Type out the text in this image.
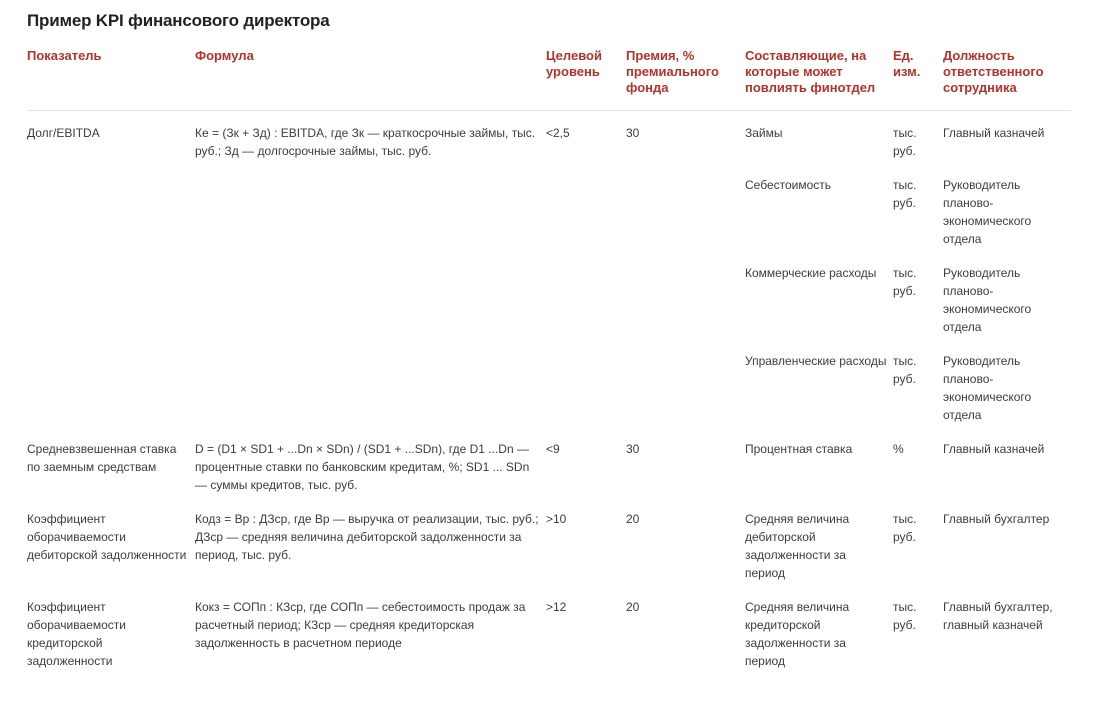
Пример KPI финансового директора
Показатель	Формула	Целевой уровень	Премия, % премиального фонда	Составляющие, на которые может повлиять финотдел	Ед. изм.	Должность ответственного сотрудника
Долг/EBITDA	Ке = (Зк + Зд) : EBITDA, где Зк — краткосрочные займы, тыс. руб.; Зд — долгосрочные займы, тыс. руб.	<2,5	30	Займы	тыс. руб.	Главный казначей
				Себестоимость	тыс. руб.	Руководитель планово-экономического отдела
				Коммерческие расходы	тыс. руб.	Руководитель планово-экономического отдела
				Управленческие расходы	тыс. руб.	Руководитель планово-экономического отдела
Средневзвешенная ставка по заемным средствам	D = (D1 × SD1 + ...Dn × SDn) / (SD1 + ...SDn), где D1 ...Dn — процентные ставки по банковским кредитам, %; SD1 ... SDn — суммы кредитов, тыс. руб.	<9	30	Процентная ставка	%	Главный казначей
Коэффициент оборачиваемости дебиторской задолженности	Кодз = Вр : ДЗср, где Вр — выручка от реализации, тыс. руб.; ДЗср — средняя величина дебиторской задолженности за период, тыс. руб.	>10	20	Средняя величина дебиторской задолженности за период	тыс. руб.	Главный бухгалтер
Коэффициент оборачиваемости кредиторской задолженности	Кокз = СОПп : КЗср, где СОПп — себестоимость продаж за расчетный период; КЗср — средняя кредиторская задолженность в расчетном периоде	>12	20	Средняя величина кредиторской задолженности за период	тыс. руб.	Главный бухгалтер, главный казначей
